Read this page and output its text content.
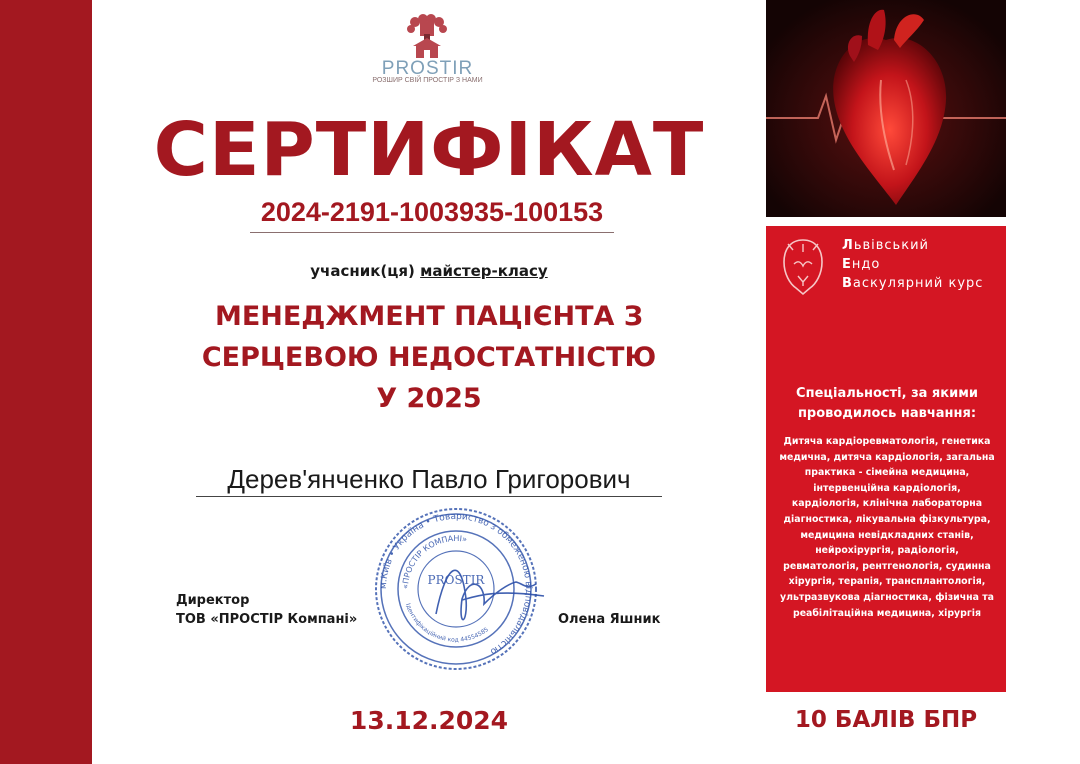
PROSTIR
РОЗШИР СВІЙ ПРОСТІР З НАМИ
СЕРТИФІКАТ
2024-2191-1003935-100153
учасник(ця) майстер-класу
МЕНЕДЖМЕНТ ПАЦІЄНТА З
СЕРЦЕВОЮ НЕДОСТАТНІСТЮ
У 2025
Дерев'янченко Павло Григорович
м.Київ • Україна • Товариство з обмеженою відповідальністю
«ПРОСТІР КОМПАНІ»
Ідентифікаційний код 44554585
PROSTIR
Директор
ТОВ «ПРОСТІР Компані»	Олена Яшник
13.12.2024
Львівський
Ендо
Васкулярний курс
Спеціальності, за якими проводилось навчання:
Дитяча кардіоревматологія, генетика
медична, дитяча кардіологія, загальна
практика - сімейна медицина,
інтервенційна кардіологія,
кардіологія, клінічна лабораторна
діагностика, лікувальна фізкультура,
медицина невідкладних станів,
нейрохірургія, радіологія,
ревматологія, рентгенологія, судинна
хірургія, терапія, трансплантологія,
ультразвукова діагностика, фізична та
реабілітаційна медицина, хірургія
10 БАЛІВ БПР
